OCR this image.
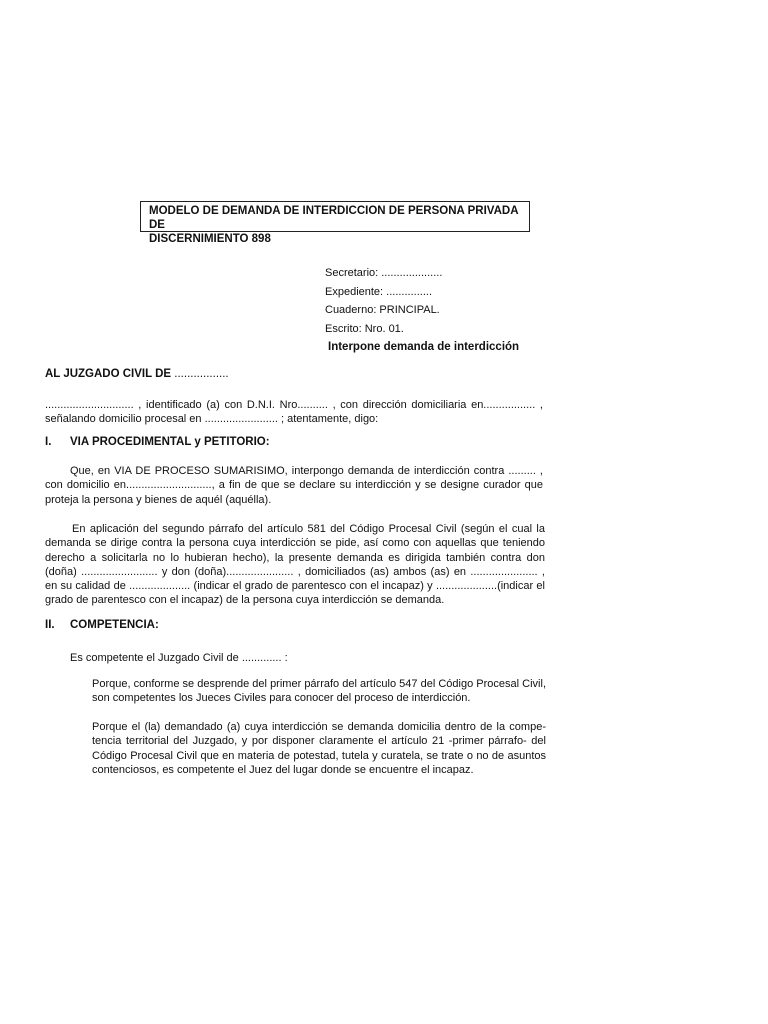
MODELO DE DEMANDA DE INTERDICCION DE PERSONA PRIVADA DE
DISCERNIMIENTO 898
Secretario: ....................
Expediente: ...............
Cuaderno: PRINCIPAL.
Escrito: Nro. 01.
Interpone demanda de interdicción
AL JUZGADO CIVIL DE .................
............................. , identificado (a) con D.N.I. Nro.......... , con dirección domiciliaria en................. , señalando domicilio procesal en ........................ ; atentamente, digo:
I. VIA PROCEDIMENTAL y PETITORIO:
Que, en VIA DE PROCESO SUMARISIMO, interpongo demanda de interdicción contra ......... , con domicilio en............................, a fin de que se declare su interdicción y se designe curador que proteja la persona y bienes de aquél (aquélla).
En aplicación del segundo párrafo del artículo 581 del Código Procesal Civil (según el cual la demanda se dirige contra la persona cuya interdicción se pide, así como con aquellas que teniendo derecho a solicitarla no lo hubieran hecho), la presente demanda es dirigida también contra don (doña) ......................... y don (doña)...................... , domiciliados (as) ambos (as) en ...................... , en su calidad de .................... (indicar el grado de parentesco con el incapaz) y ....................(indicar el grado de parentesco con el incapaz) de la persona cuya interdicción se demanda.
II. COMPETENCIA:
Es competente el Juzgado Civil de ............. :
Porque, conforme se desprende del primer párrafo del artículo 547 del Código Procesal Civil, son competentes los Jueces Civiles para conocer del proceso de interdicción.
Porque el (la) demandado (a) cuya interdicción se demanda domicilia dentro de la compe-tencia territorial del Juzgado, y por disponer claramente el artículo 21 -primer párrafo- del Código Procesal Civil que en materia de potestad, tutela y curatela, se trate o no de asuntos contenciosos, es competente el Juez del lugar donde se encuentre el incapaz.
